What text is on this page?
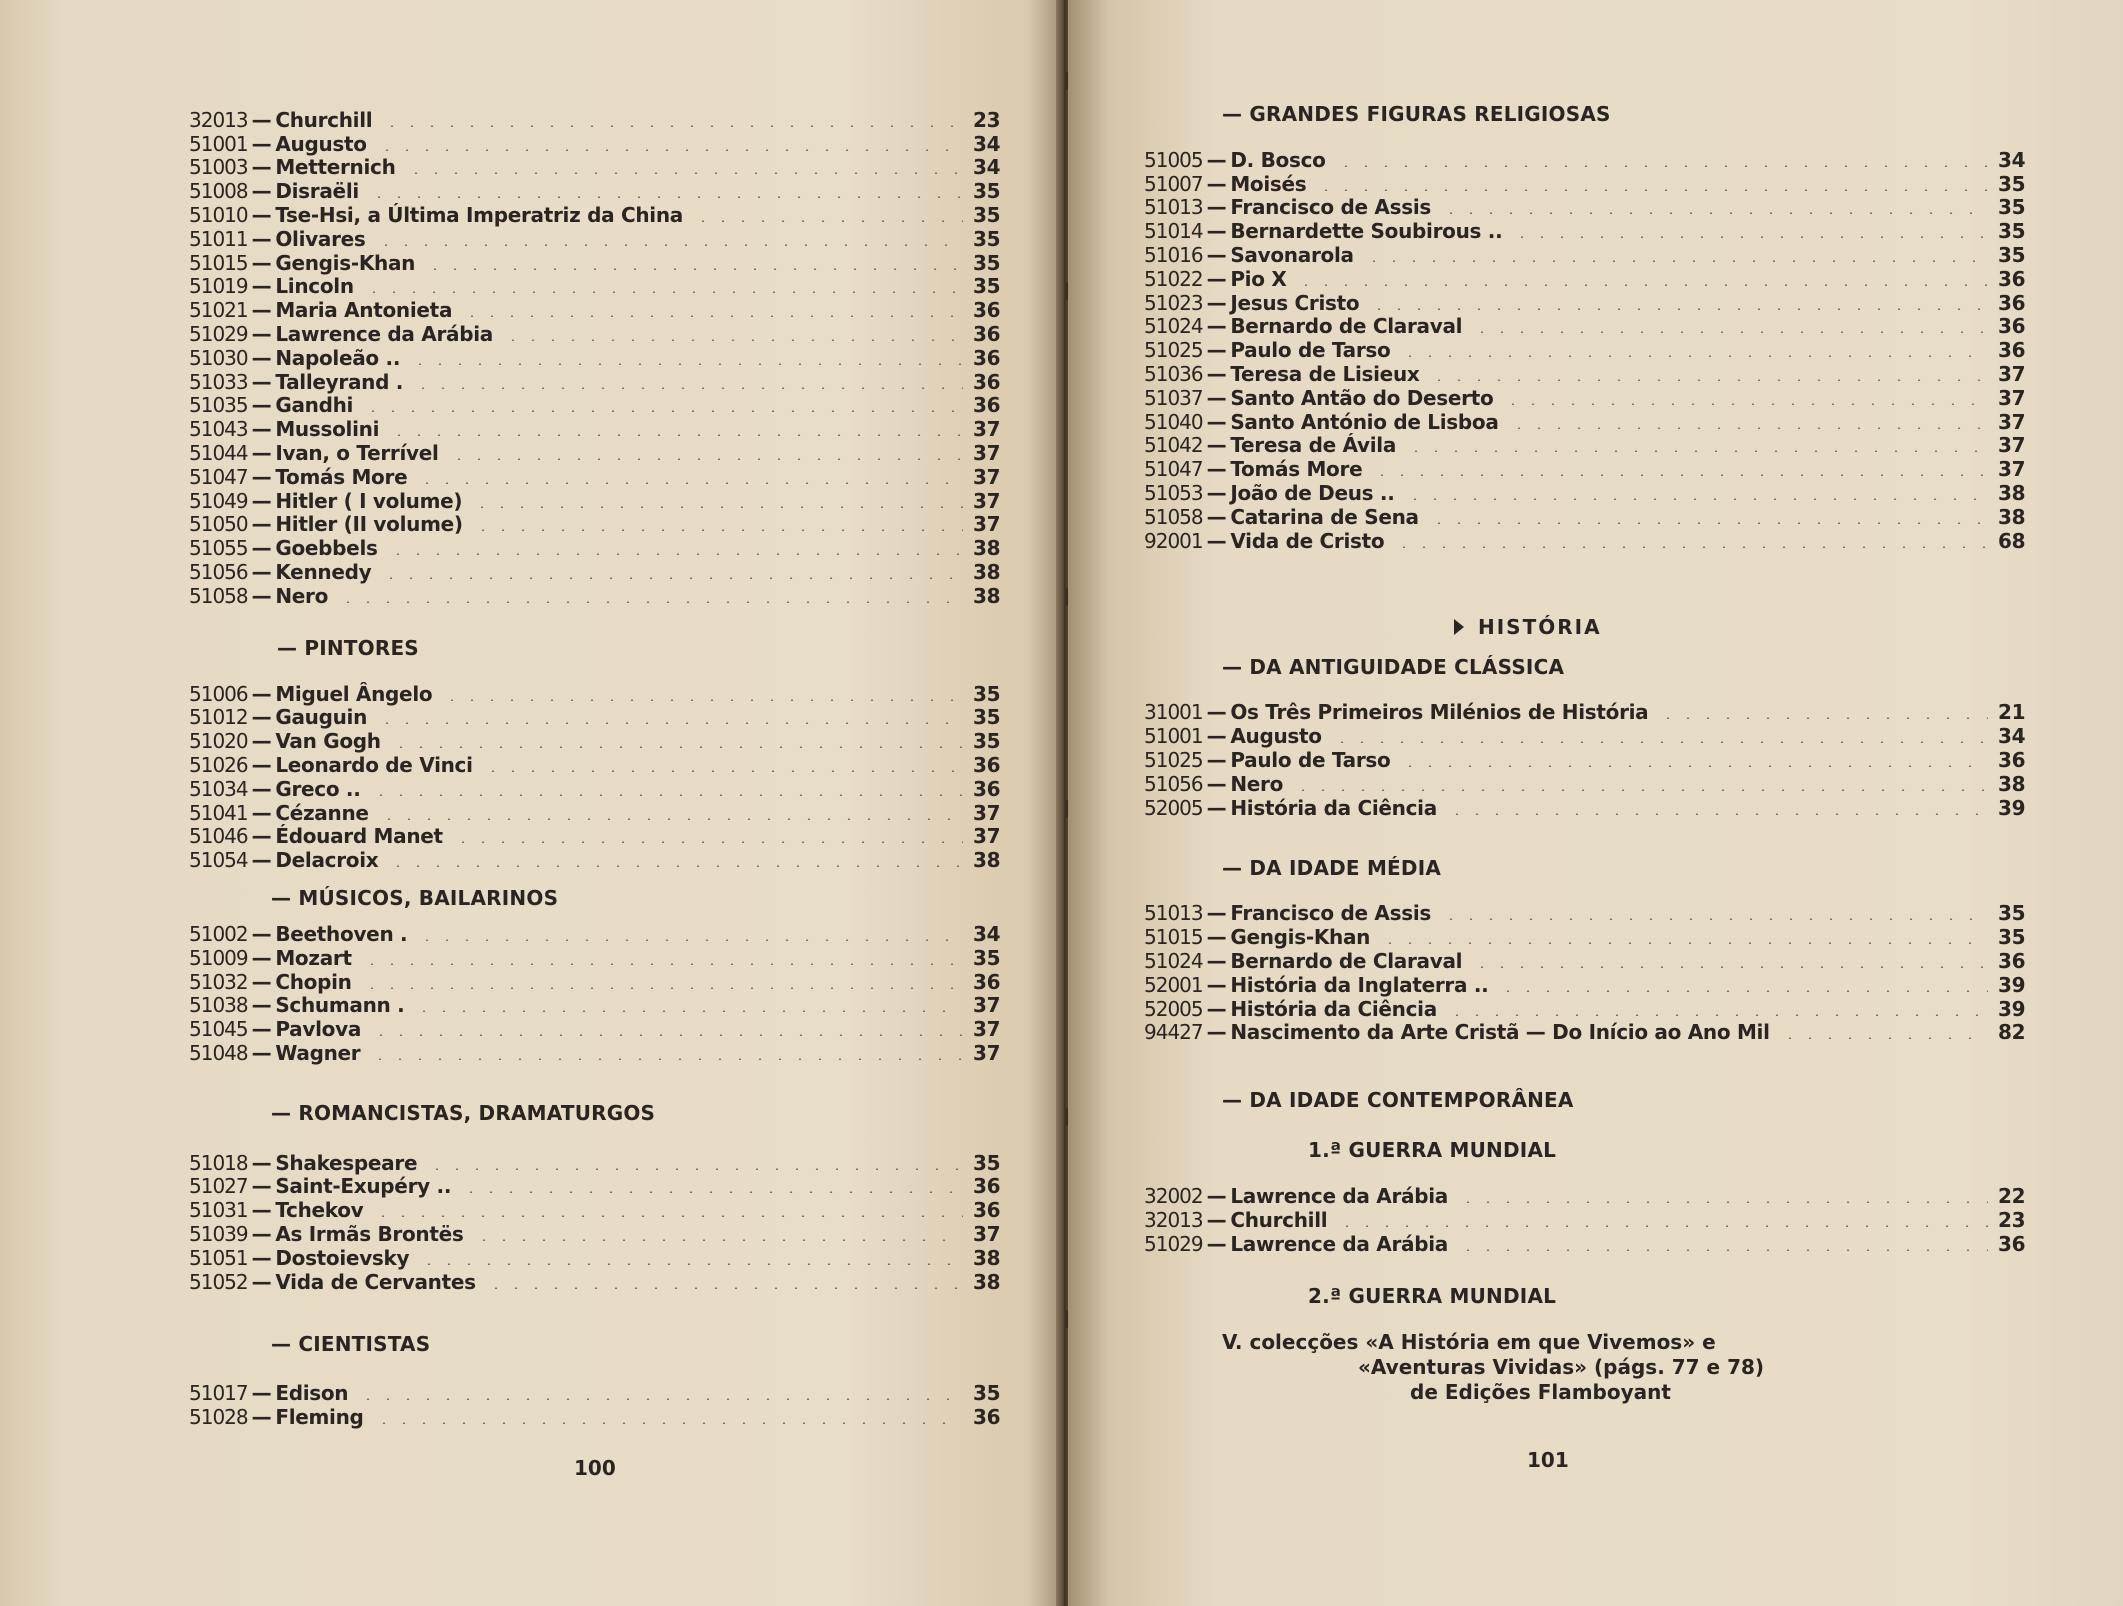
32013 — Churchill	23
51001 — Augusto	34
51003 — Metternich	34
51008 — Disraëli	35
51010 — Tse-Hsi, a Última Imperatriz da China	35
51011 — Olivares	35
51015 — Gengis-Khan	35
51019 — Lincoln	35
51021 — Maria Antonieta	36
51029 — Lawrence da Arábia	36
51030 — Napoleão ..	36
51033 — Talleyrand .	36
51035 — Gandhi	36
51043 — Mussolini	37
51044 — Ivan, o Terrível	37
51047 — Tomás More	37
51049 — Hitler ( I volume)	37
51050 — Hitler (II volume)	37
51055 — Goebbels	38
51056 — Kennedy	38
51058 — Nero	38
— PINTORES
51006 — Miguel Ângelo	35
51012 — Gauguin	35
51020 — Van Gogh	35
51026 — Leonardo de Vinci	36
51034 — Greco ..	36
51041 — Cézanne	37
51046 — Édouard Manet	37
51054 — Delacroix	38
— MÚSICOS, BAILARINOS
51002 — Beethoven .	34
51009 — Mozart	35
51032 — Chopin	36
51038 — Schumann .	37
51045 — Pavlova	37
51048 — Wagner	37
— ROMANCISTAS, DRAMATURGOS
51018 — Shakespeare	35
51027 — Saint-Exupéry ..	36
51031 — Tchekov	36
51039 — As Irmãs Brontës	37
51051 — Dostoievsky	38
51052 — Vida de Cervantes	38
— CIENTISTAS
51017 — Edison	35
51028 — Fleming	36
100
— GRANDES FIGURAS RELIGIOSAS
51005 — D. Bosco	34
51007 — Moisés	35
51013 — Francisco de Assis	35
51014 — Bernardette Soubirous ..	35
51016 — Savonarola	35
51022 — Pio X	36
51023 — Jesus Cristo	36
51024 — Bernardo de Claraval	36
51025 — Paulo de Tarso	36
51036 — Teresa de Lisieux	37
51037 — Santo Antão do Deserto	37
51040 — Santo António de Lisboa	37
51042 — Teresa de Ávila	37
51047 — Tomás More	37
51053 — João de Deus ..	38
51058 — Catarina de Sena	38
92001 — Vida de Cristo	68
HISTÓRIA
— DA ANTIGUIDADE CLÁSSICA
31001 — Os Três Primeiros Milénios de História	21
51001 — Augusto	34
51025 — Paulo de Tarso	36
51056 — Nero	38
52005 — História da Ciência	39
— DA IDADE MÉDIA
51013 — Francisco de Assis	35
51015 — Gengis-Khan	35
51024 — Bernardo de Claraval	36
52001 — História da Inglaterra ..	39
52005 — História da Ciência	39
94427 — Nascimento da Arte Cristã — Do Início ao Ano Mil	82
— DA IDADE CONTEMPORÂNEA
1.ª GUERRA MUNDIAL
32002 — Lawrence da Arábia	22
32013 — Churchill	23
51029 — Lawrence da Arábia	36
2.ª GUERRA MUNDIAL
V. colecções «A História em que Vivemos» e
«Aventuras Vividas» (págs. 77 e 78)
de Edições Flamboyant
101
